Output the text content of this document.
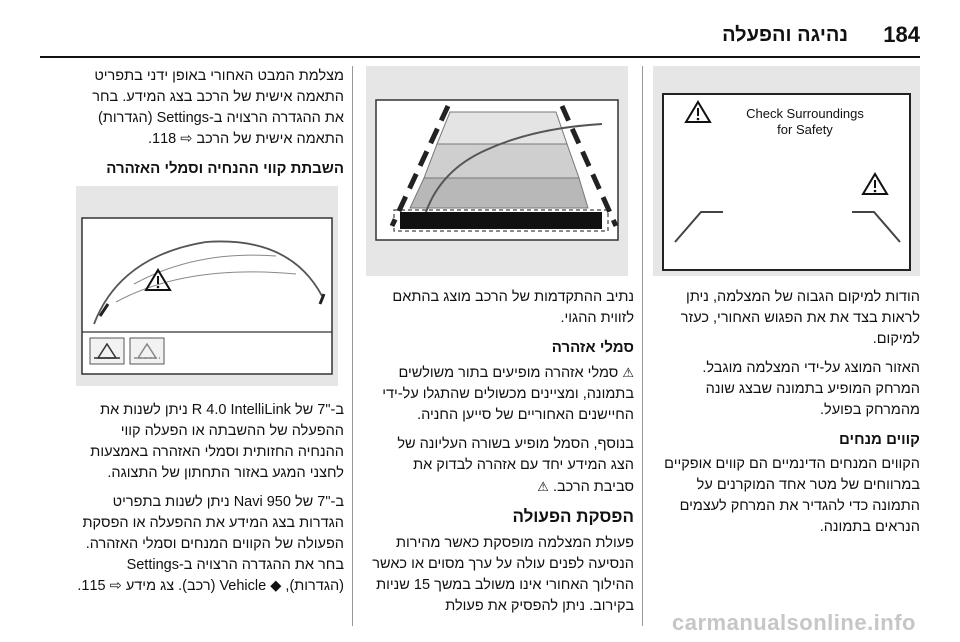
184
נהיגה והפעלה
Check Surroundings
for Safety

הודות למיקום הגבוה של המצלמה, ניתן לראות בצד את את הפגוש האחורי, כעזר למיקום.

האזור המוצג על-ידי המצלמה מוגבל. המרחק המופיע בתמונה שבצג שונה מהמרחק בפועל.

קווים מנחים

הקווים המנחים הדינמיים הם קווים אופקיים במרווחים של מטר אחד המוקרנים על התמונה כדי להגדיר את המרחק לעצמים הנראים בתמונה.

נתיב ההתקדמות של הרכב מוצג בהתאם לזווית ההגוי.

סמלי אזהרה

⚠ סמלי אזהרה מופיעים בתור משולשים בתמונה, ומציינים מכשולים שהתגלו על-ידי החיישנים האחוריים של סייען החניה.

בנוסף, הסמל מופיע בשורה העליונה של הצג המידע יחד עם אזהרה לבדוק את סביבת הרכב. ⚠

הפסקת הפעולה

פעולת המצלמה מופסקת כאשר מהירות הנסיעה לפנים עולה על ערך מסוים או כאשר ההילוך האחורי אינו משולב במשך 15 שניות בקירוב. ניתן להפסיק את פעולת

מצלמת המבט האחורי באופן ידני בתפריט התאמה אישית של הרכב בצג המידע. בחר את ההגדרה הרצויה ב-Settings (הגדרות) התאמה אישית של הרכב ⇨ 118.

השבתת קווי ההנחיה וסמלי האזהרה

ב-"7 של R 4.0 IntelliLink ניתן לשנות את ההפעלה של ההשבתה או הפעלה קווי ההנחיה החזותית וסמלי האזהרה באמצעות לחצני המגע באזור התחתון של התצוגה.

ב-"7 של Navi 950 ניתן לשנות בתפריט הגדרות בצג המידע את ההפעלה או הפסקת הפעולה של הקווים המנחים וסמלי האזהרה. בחר את ההגדרה הרצויה ב-Settings (הגדרות), ◆ Vehicle (רכב). צג מידע ⇨ 115.

carmanualsonline.info
